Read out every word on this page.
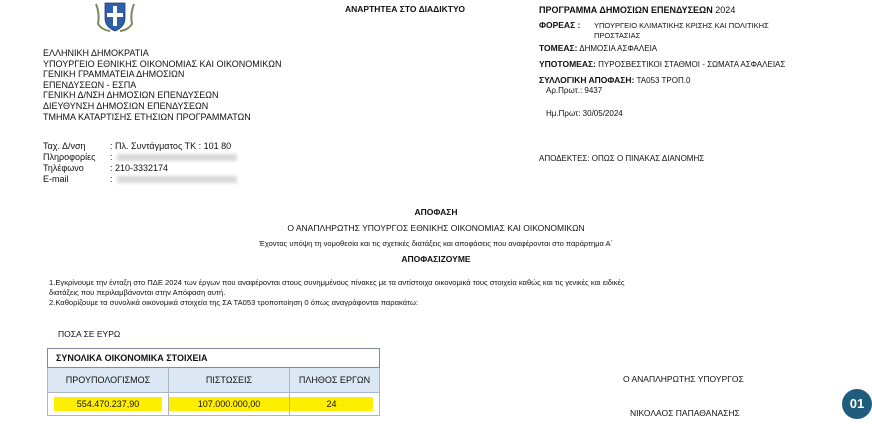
ΑΝΑΡΤΗΤΕΑ ΣΤΟ ΔΙΑΔΙΚΤΥΟ
ΕΛΛΗΝΙΚΗ ΔΗΜΟΚΡΑΤΙΑ
ΥΠΟΥΡΓΕΙΟ ΕΘΝΙΚΗΣ ΟΙΚΟΝΟΜΙΑΣ ΚΑΙ ΟΙΚΟΝΟΜΙΚΩΝ
ΓΕΝΙΚΗ ΓΡΑΜΜΑΤΕΙΑ ΔΗΜΟΣΙΩΝ
ΕΠΕΝΔΥΣΕΩΝ - ΕΣΠΑ
ΓΕΝΙΚΗ Δ/ΝΣΗ ΔΗΜΟΣΙΩΝ ΕΠΕΝΔΥΣΕΩΝ
ΔΙΕΥΘΥΝΣΗ ΔΗΜΟΣΙΩΝ ΕΠΕΝΔΥΣΕΩΝ
ΤΜΗΜΑ ΚΑΤΑΡΤΙΣΗΣ ΕΤΗΣΙΩΝ ΠΡΟΓΡΑΜΜΑΤΩΝ
Ταχ. Δ/νση	: Πλ. Συντάγματος ΤΚ : 101 80
Πληροφορίες :
Τηλέφωνο	: 210-3332174
E-mail	:
ΠΡΟΓΡΑΜΜΑ ΔΗΜΟΣΙΩΝ ΕΠΕΝΔΥΣΕΩΝ 2024
ΦΟΡΕΑΣ : ΥΠΟΥΡΓΕΙΟ ΚΛΙΜΑΤΙΚΗΣ ΚΡΙΣΗΣ ΚΑΙ ΠΟΛΙΤΙΚΗΣ
ΠΡΟΣΤΑΣΙΑΣ
ΤΟΜΕΑΣ: ΔΗΜΟΣΙΑ ΑΣΦΑΛΕΙΑ
ΥΠΟΤΟΜΕΑΣ: ΠΥΡΟΣΒΕΣΤΙΚΟΙ ΣΤΑΘΜΟΙ - ΣΩΜΑΤΑ ΑΣΦΑΛΕΙΑΣ
ΣΥΛΛΟΓΙΚΗ ΑΠΟΦΑΣΗ: ΤΑ053 ΤΡΟΠ.0
Αρ.Πρωτ.: 9437
Ημ.Πρωτ: 30/05/2024
ΑΠΟΔΕΚΤΕΣ: ΟΠΩΣ Ο ΠΙΝΑΚΑΣ ΔΙΑΝΟΜΗΣ
ΑΠΟΦΑΣΗ
Ο ΑΝΑΠΛΗΡΩΤΗΣ ΥΠΟΥΡΓΟΣ ΕΘΝΙΚΗΣ ΟΙΚΟΝΟΜΙΑΣ ΚΑΙ ΟΙΚΟΝΟΜΙΚΩΝ
Έχοντας υπόψη τη νομοθεσία και τις σχετικές διατάξεις και αποφάσεις που αναφέρονται στο παράρτημα Α΄
ΑΠΟΦΑΣΙΖΟΥΜΕ
1.Εγκρίνουμε την ένταξη στο ΠΔΕ 2024 των έργων που αναφέρονται στους συνημμένους πίνακες με τα αντίστοιχα οικονομικά τους στοιχεία καθώς και τις γενικές και ειδικές
διατάξεις που περιλαμβάνονται στην Απόφαση αυτή.
2.Καθορίζουμε τα συνολικά οικονομικά στοιχεία της ΣΑ ΤΑ053 τροποποίηση 0 όπως αναγράφονται παρακάτω:
ΠΟΣΑ ΣΕ ΕΥΡΩ
ΣΥΝΟΛΙΚΑ ΟΙΚΟΝΟΜΙΚΑ ΣΤΟΙΧΕΙΑ		
ΠΡΟΥΠΟΛΟΓΙΣΜΟΣ	ΠΙΣΤΩΣΕΙΣ	ΠΛΗΘΟΣ ΕΡΓΩΝ
554.470.237,90	107.000.000,00	24
Ο ΑΝΑΠΛΗΡΩΤΗΣ ΥΠΟΥΡΓΟΣ
ΝΙΚΟΛΑΟΣ ΠΑΠΑΘΑΝΑΣΗΣ
01
